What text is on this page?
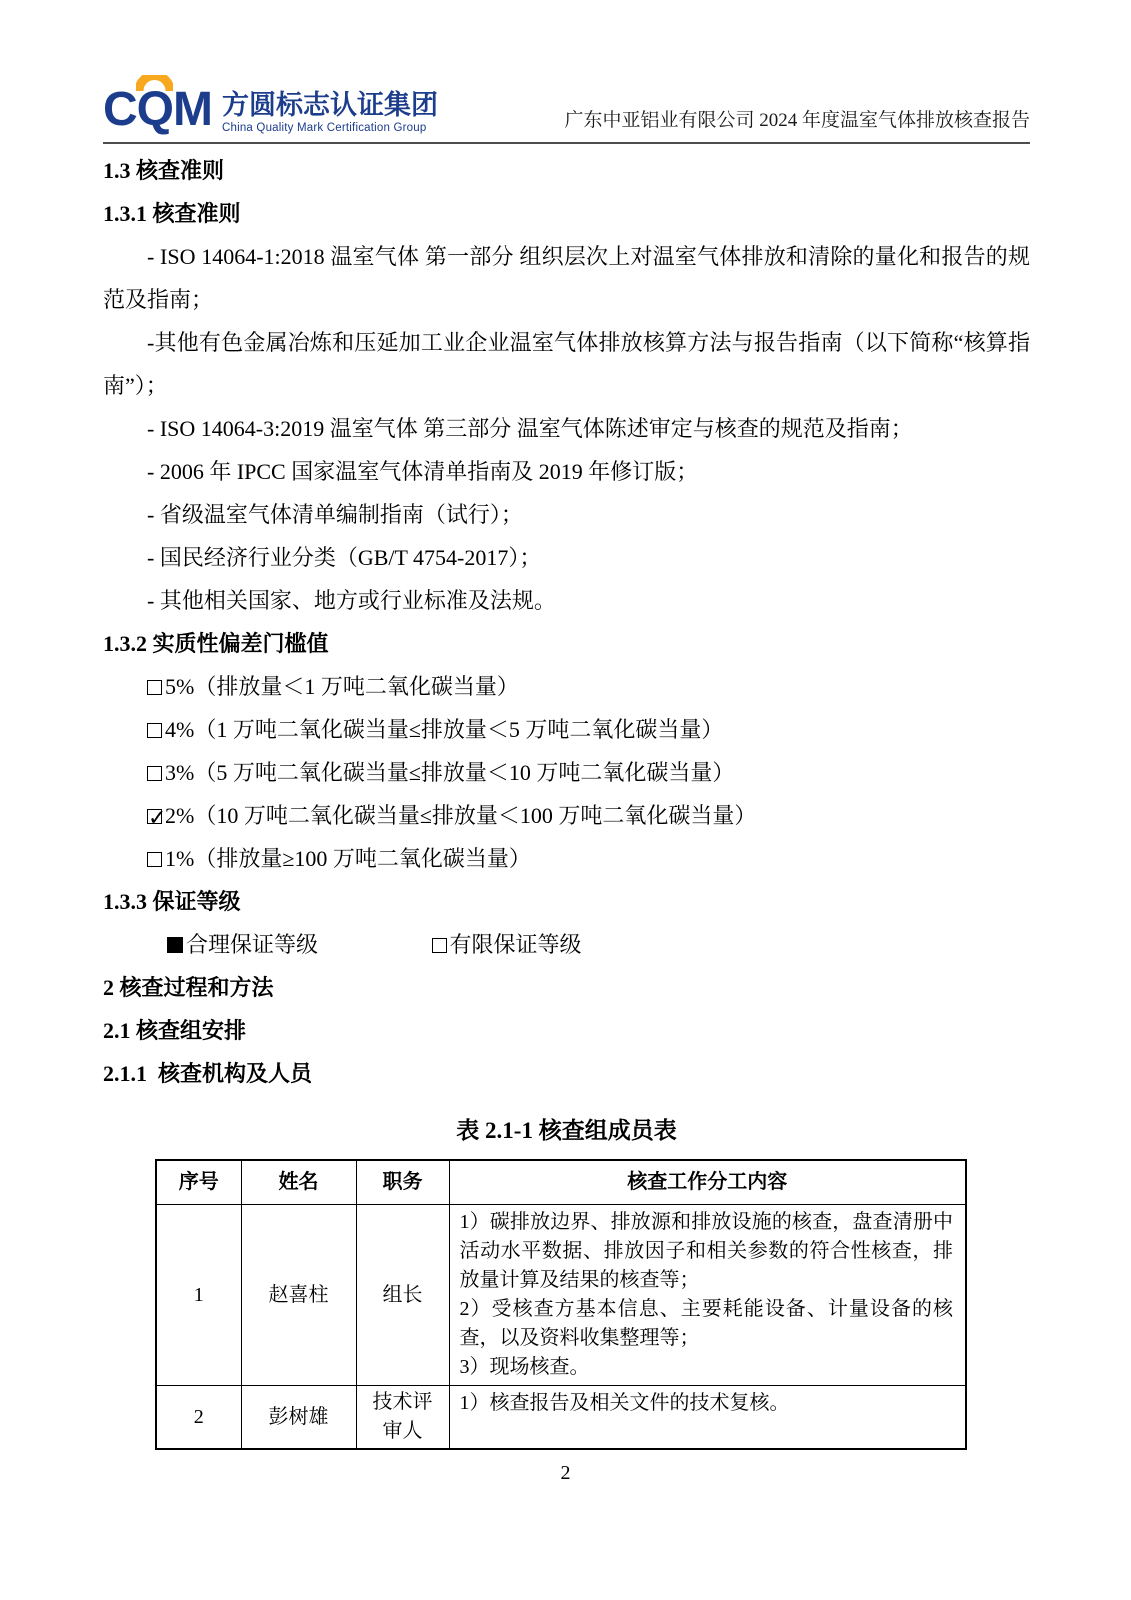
CQM 方圆标志认证集团
China Quality Mark Certification Group	广东中亚铝业有限公司 2024 年度温室气体排放核查报告
1.3 核查准则
1.3.1 核查准则
- ISO 14064-1:2018 温室气体 第一部分 组织层次上对温室气体排放和清除的量化和报告的规范及指南；
-其他有色金属冶炼和压延加工业企业温室气体排放核算方法与报告指南（以下简称“核算指南”）；
- ISO 14064-3:2019 温室气体 第三部分 温室气体陈述审定与核查的规范及指南；
- 2006 年 IPCC 国家温室气体清单指南及 2019 年修订版；
- 省级温室气体清单编制指南（试行）；
- 国民经济行业分类（GB/T 4754-2017）；
- 其他相关国家、地方或行业标准及法规。
1.3.2 实质性偏差门槛值
5%（排放量＜1 万吨二氧化碳当量）
4%（1 万吨二氧化碳当量≤排放量＜5 万吨二氧化碳当量）
3%（5 万吨二氧化碳当量≤排放量＜10 万吨二氧化碳当量）
✓2%（10 万吨二氧化碳当量≤排放量＜100 万吨二氧化碳当量）
1%（排放量≥100 万吨二氧化碳当量）
1.3.3 保证等级
合理保证等级	有限保证等级
2 核查过程和方法
2.1 核查组安排
2.1.1  核查机构及人员
表 2.1-1 核查组成员表
序号	姓名	职务	核查工作分工内容
1	赵喜柱	组长	1）碳排放边界、排放源和排放设施的核查，盘查清册中活动水平数据、排放因子和相关参数的符合性核查，排放量计算及结果的核查等；
2）受核查方基本信息、主要耗能设备、计量设备的核查，以及资料收集整理等；
3）现场核查。

2	彭树雄	技术评审人	1）核查报告及相关文件的技术复核。
2
